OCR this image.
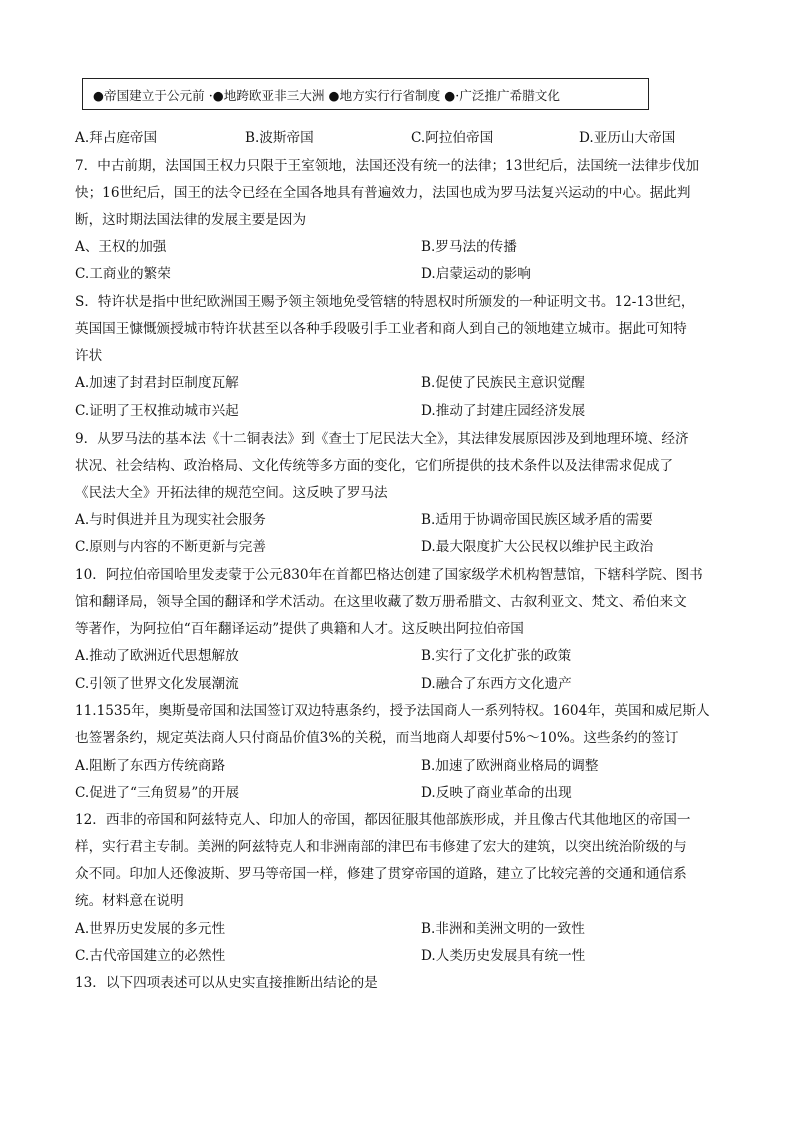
●帝国建立于公元前 ·●地跨欧亚非三大洲 ●地方实行行省制度 ●·广泛推广希腊文化
A.拜占庭帝国	B.波斯帝国	C.阿拉伯帝国	D.亚历山大帝国
7．中古前期，法国国王权力只限于王室领地，法国还没有统一的法律；13世纪后，法国统一法律步伐加
快；16世纪后，国王的法令已经在全国各地具有普遍效力，法国也成为罗马法复兴运动的中心。据此判
断，这时期法国法律的发展主要是因为
A、王权的加强	B.罗马法的传播
C.工商业的繁荣	D.启蒙运动的影响
S．特许状是指中世纪欧洲国王赐予领主领地免受管辖的特恩权时所颁发的一种证明文书。12-13世纪，
英国国王慷慨颁授城市特许状甚至以各种手段吸引手工业者和商人到自己的领地建立城市。据此可知特
许状
A.加速了封君封臣制度瓦解	B.促使了民族民主意识觉醒
C.证明了王权推动城市兴起	D.推动了封建庄园经济发展
9．从罗马法的基本法《十二铜表法》到《查士丁尼民法大全》，其法律发展原因涉及到地理环境、经济
状况、社会结构、政治格局、文化传统等多方面的变化，它们所提供的技术条件以及法律需求促成了
《民法大全》开拓法律的规范空间。这反映了罗马法
A.与时俱进并且为现实社会服务	B.适用于协调帝国民族区域矛盾的需要
C.原则与内容的不断更新与完善	D.最大限度扩大公民权以维护民主政治
10．阿拉伯帝国哈里发麦蒙于公元830年在首都巴格达创建了国家级学术机构智慧馆，下辖科学院、图书
馆和翻译局，领导全国的翻译和学术活动。在这里收藏了数万册希腊文、古叙利亚文、梵文、希伯来文
等著作，为阿拉伯“百年翻译运动”提供了典籍和人才。这反映出阿拉伯帝国
A.推动了欧洲近代思想解放	B.实行了文化扩张的政策
C.引领了世界文化发展潮流	D.融合了东西方文化遗产
11.1535年，奥斯曼帝国和法国签订双边特惠条约，授予法国商人一系列特权。1604年，英国和威尼斯人
也签署条约，规定英法商人只付商品价值3%的关税，而当地商人却要付5%～10%。这些条约的签订
A.阻断了东西方传统商路	B.加速了欧洲商业格局的调整
C.促进了“三角贸易”的开展	D.反映了商业革命的出现
12．西非的帝国和阿兹特克人、印加人的帝国，都因征服其他部族形成，并且像古代其他地区的帝国一
样，实行君主专制。美洲的阿兹特克人和非洲南部的津巴布韦修建了宏大的建筑，以突出统治阶级的与
众不同。印加人还像波斯、罗马等帝国一样，修建了贯穿帝国的道路，建立了比较完善的交通和通信系
统。材料意在说明
A.世界历史发展的多元性	B.非洲和美洲文明的一致性
C.古代帝国建立的必然性	D.人类历史发展具有统一性
13．以下四项表述可以从史实直接推断出结论的是
